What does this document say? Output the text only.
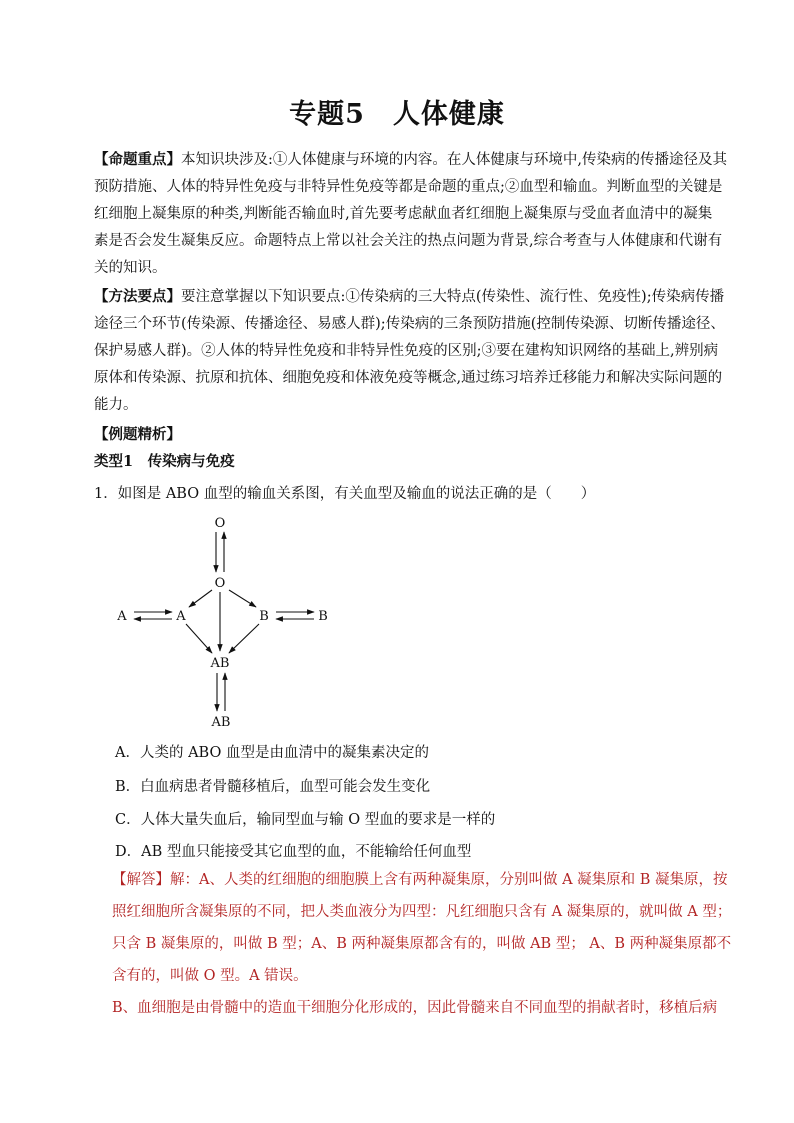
专题5　人体健康
【命题重点】本知识块涉及:①人体健康与环境的内容。在人体健康与环境中,传染病的传播途径及其
预防措施、人体的特异性免疫与非特异性免疫等都是命题的重点;②血型和输血。判断血型的关键是
红细胞上凝集原的种类,判断能否输血时,首先要考虑献血者红细胞上凝集原与受血者血清中的凝集
素是否会发生凝集反应。命题特点上常以社会关注的热点问题为背景,综合考查与人体健康和代谢有
关的知识。
【方法要点】要注意掌握以下知识要点:①传染病的三大特点(传染性、流行性、免疫性);传染病传播
途径三个环节(传染源、传播途径、易感人群);传染病的三条预防措施(控制传染源、切断传播途径、
保护易感人群)。②人体的特异性免疫和非特异性免疫的区别;③要在建构知识网络的基础上,辨别病
原体和传染源、抗原和抗体、细胞免疫和体液免疫等概念,通过练习培养迁移能力和解决实际问题的
能力。
【例题精析】
类型1　传染病与免疫
1．如图是 ABO 血型的输血关系图，有关血型及输血的说法正确的是（　　）
O
O
A	A	B	B
AB
AB
A．人类的 ABO 血型是由血清中的凝集素决定的
B．白血病患者骨髓移植后，血型可能会发生变化
C．人体大量失血后，输同型血与输 O 型血的要求是一样的
D．AB 型血只能接受其它血型的血，不能输给任何血型
【解答】解：A、人类的红细胞的细胞膜上含有两种凝集原，分别叫做 A 凝集原和 B 凝集原，按
照红细胞所含凝集原的不同，把人类血液分为四型：凡红细胞只含有 A 凝集原的，就叫做 A 型；
只含 B 凝集原的，叫做 B 型；A、B 两种凝集原都含有的，叫做 AB 型； A、B 两种凝集原都不
含有的，叫做 O 型。A 错误。
B、血细胞是由骨髓中的造血干细胞分化形成的，因此骨髓来自不同血型的捐献者时，移植后病
